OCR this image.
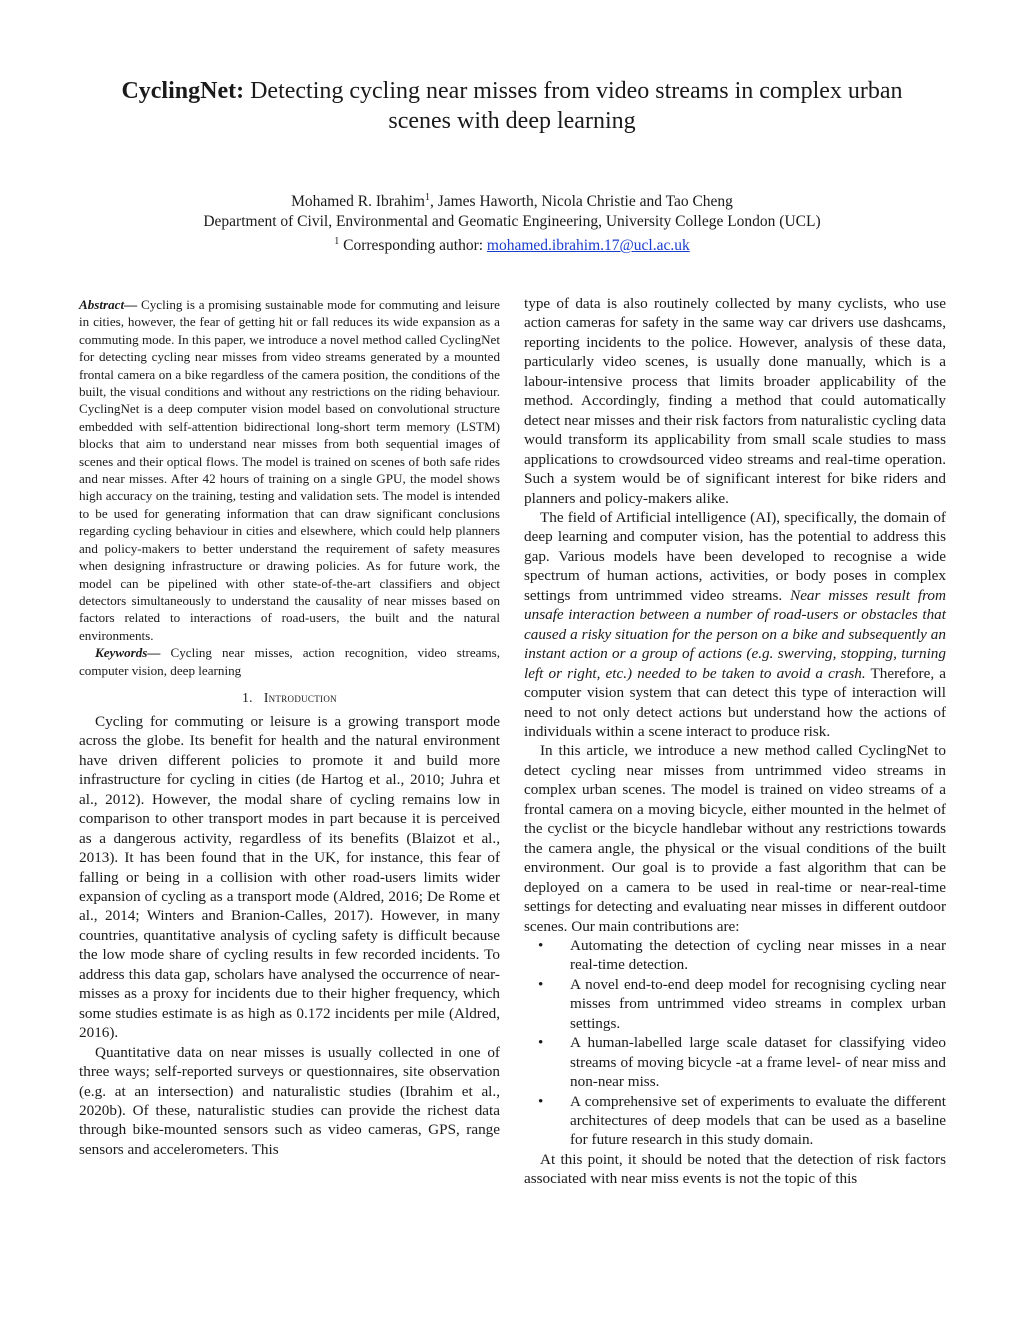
CyclingNet: Detecting cycling near misses from video streams in complex urban scenes with deep learning
Mohamed R. Ibrahim$^1$, James Haworth, Nicola Christie and Tao Cheng
Department of Civil, Environmental and Geomatic Engineering, University College London (UCL)
$^1$ Corresponding author: mohamed.ibrahim.17@ucl.ac.uk

Abstract— Cycling is a promising sustainable mode for commuting and leisure in cities, however, the fear of getting hit or fall reduces its wide expansion as a commuting mode. In this paper, we introduce a novel method called CyclingNet for detecting cycling near misses from video streams generated by a mounted frontal camera on a bike regardless of the camera position, the conditions of the built, the visual conditions and without any restrictions on the riding behaviour. CyclingNet is a deep computer vision model based on convolutional structure embedded with self-attention bidirectional long-short term memory (LSTM) blocks that aim to understand near misses from both sequential images of scenes and their optical flows. The model is trained on scenes of both safe rides and near misses. After 42 hours of training on a single GPU, the model shows high accuracy on the training, testing and validation sets. The model is intended to be used for generating information that can draw significant conclusions regarding cycling behaviour in cities and elsewhere, which could help planners and policy-makers to better understand the requirement of safety measures when designing infrastructure or drawing policies. As for future work, the model can be pipelined with other state-of-the-art classifiers and object detectors simultaneously to understand the causality of near misses based on factors related to interactions of road-users, the built and the natural environments.

Keywords— Cycling near misses, action recognition, video streams, computer vision, deep learning

1. Introduction

Cycling for commuting or leisure is a growing transport mode across the globe. Its benefit for health and the natural environment have driven different policies to promote it and build more infrastructure for cycling in cities (de Hartog et al., 2010; Juhra et al., 2012). However, the modal share of cycling remains low in comparison to other transport modes in part because it is perceived as a dangerous activity, regardless of its benefits (Blaizot et al., 2013). It has been found that in the UK, for instance, this fear of falling or being in a collision with other road-users limits wider expansion of cycling as a transport mode (Aldred, 2016; De Rome et al., 2014; Winters and Branion-Calles, 2017). However, in many countries, quantitative analysis of cycling safety is difficult because the low mode share of cycling results in few recorded incidents. To address this data gap, scholars have analysed the occurrence of near-misses as a proxy for incidents due to their higher frequency, which some studies estimate is as high as 0.172 incidents per mile (Aldred, 2016).

Quantitative data on near misses is usually collected in one of three ways; self-reported surveys or questionnaires, site observation (e.g. at an intersection) and naturalistic studies (Ibrahim et al., 2020b). Of these, naturalistic studies can provide the richest data through bike-mounted sensors such as video cameras, GPS, range sensors and accelerometers. This

type of data is also routinely collected by many cyclists, who use action cameras for safety in the same way car drivers use dashcams, reporting incidents to the police. However, analysis of these data, particularly video scenes, is usually done manually, which is a labour-intensive process that limits broader applicability of the method. Accordingly, finding a method that could automatically detect near misses and their risk factors from naturalistic cycling data would transform its applicability from small scale studies to mass applications to crowdsourced video streams and real-time operation. Such a system would be of significant interest for bike riders and planners and policy-makers alike.

The field of Artificial intelligence (AI), specifically, the domain of deep learning and computer vision, has the potential to address this gap. Various models have been developed to recognise a wide spectrum of human actions, activities, or body poses in complex settings from untrimmed video streams. Near misses result from unsafe interaction between a number of road-users or obstacles that caused a risky situation for the person on a bike and subsequently an instant action or a group of actions (e.g. swerving, stopping, turning left or right, etc.) needed to be taken to avoid a crash. Therefore, a computer vision system that can detect this type of interaction will need to not only detect actions but understand how the actions of individuals within a scene interact to produce risk.

In this article, we introduce a new method called CyclingNet to detect cycling near misses from untrimmed video streams in complex urban scenes. The model is trained on video streams of a frontal camera on a moving bicycle, either mounted in the helmet of the cyclist or the bicycle handlebar without any restrictions towards the camera angle, the physical or the visual conditions of the built environment. Our goal is to provide a fast algorithm that can be deployed on a camera to be used in real-time or near-real-time settings for detecting and evaluating near misses in different outdoor scenes. Our main contributions are:

• Automating the detection of cycling near misses in a near real-time detection.
• A novel end-to-end deep model for recognising cycling near misses from untrimmed video streams in complex urban settings.
• A human-labelled large scale dataset for classifying video streams of moving bicycle -at a frame level- of near miss and non-near miss.
• A comprehensive set of experiments to evaluate the different architectures of deep models that can be used as a baseline for future research in this study domain.

At this point, it should be noted that the detection of risk factors associated with near miss events is not the topic of this
